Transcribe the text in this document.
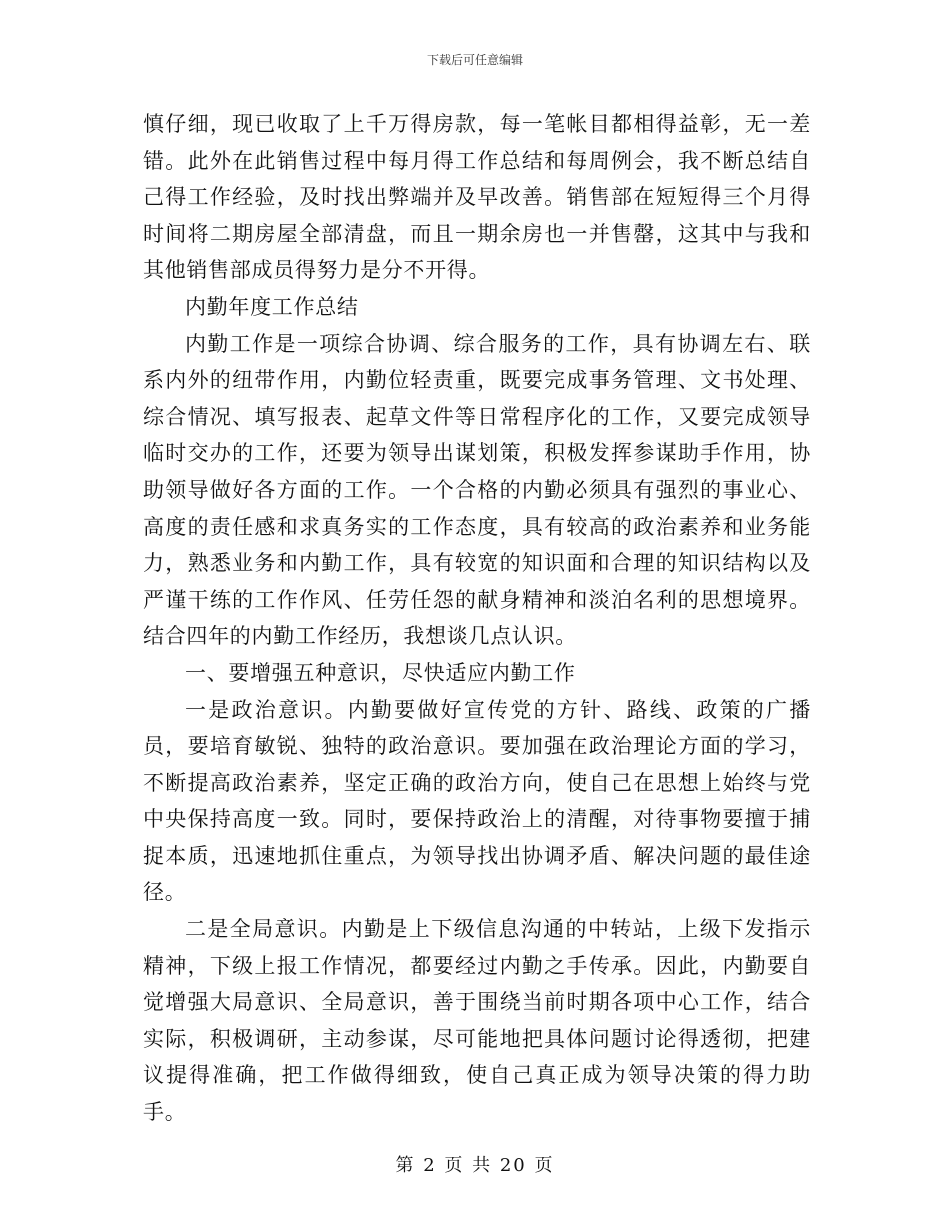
下载后可任意编辑

慎仔细，现已收取了上千万得房款，每一笔帐目都相得益彰，无一差错。此外在此销售过程中每月得工作总结和每周例会，我不断总结自己得工作经验，及时找出弊端并及早改善。销售部在短短得三个月得时间将二期房屋全部清盘，而且一期余房也一并售罄，这其中与我和其他销售部成员得努力是分不开得。

内勤年度工作总结

内勤工作是一项综合协调、综合服务的工作，具有协调左右、联系内外的纽带作用，内勤位轻责重，既要完成事务管理、文书处理、综合情况、填写报表、起草文件等日常程序化的工作，又要完成领导临时交办的工作，还要为领导出谋划策，积极发挥参谋助手作用，协助领导做好各方面的工作。一个合格的内勤必须具有强烈的事业心、高度的责任感和求真务实的工作态度，具有较高的政治素养和业务能力，熟悉业务和内勤工作，具有较宽的知识面和合理的知识结构以及严谨干练的工作作风、任劳任怨的献身精神和淡泊名利的思想境界。结合四年的内勤工作经历，我想谈几点认识。

一、要增强五种意识，尽快适应内勤工作

一是政治意识。内勤要做好宣传党的方针、路线、政策的广播员，要培育敏锐、独特的政治意识。要加强在政治理论方面的学习，不断提高政治素养，坚定正确的政治方向，使自己在思想上始终与党中央保持高度一致。同时，要保持政治上的清醒，对待事物要擅于捕捉本质，迅速地抓住重点，为领导找出协调矛盾、解决问题的最佳途径。

二是全局意识。内勤是上下级信息沟通的中转站，上级下发指示精神，下级上报工作情况，都要经过内勤之手传承。因此，内勤要自觉增强大局意识、全局意识，善于围绕当前时期各项中心工作，结合实际，积极调研，主动参谋，尽可能地把具体问题讨论得透彻，把建议提得准确，把工作做得细致，使自己真正成为领导决策的得力助手。

第 2 页 共 20 页
